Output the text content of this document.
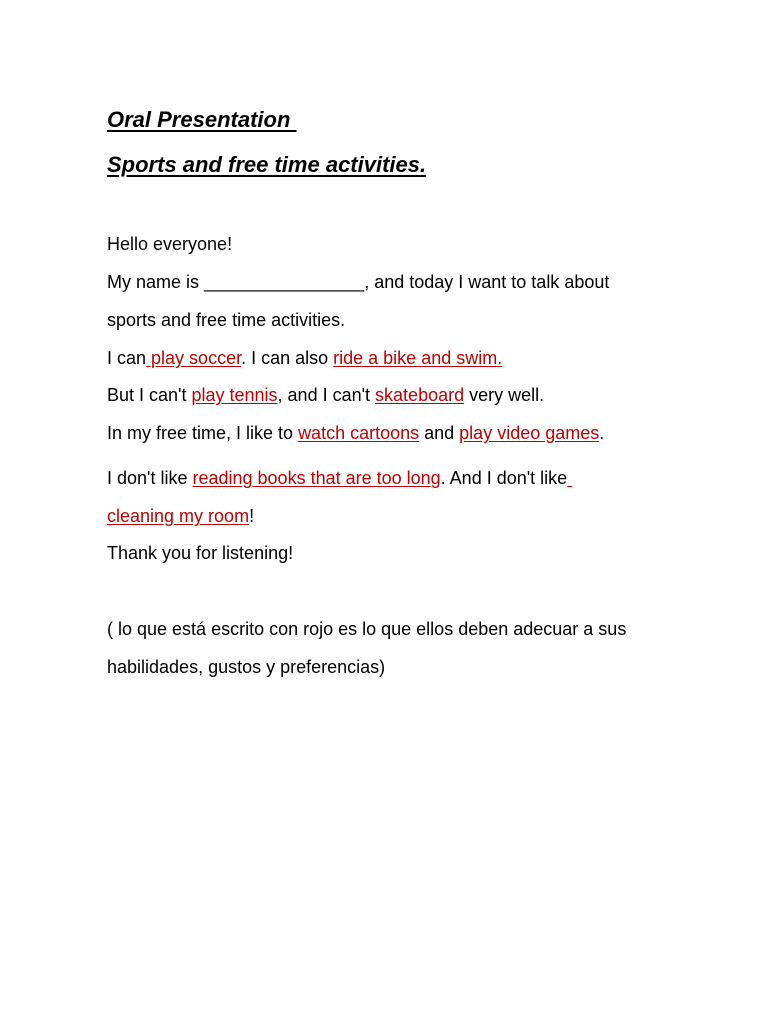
Oral Presentation
Sports and free time activities.

Hello everyone!

My name is ________________, and today I want to talk about

sports and free time activities.

I can play soccer. I can also ride a bike and swim.

But I can't play tennis, and I can't skateboard very well.

In my free time, I like to watch cartoons and play video games.

I don't like reading books that are too long. And I don't like

cleaning my room!

Thank you for listening!

( lo que está escrito con rojo es lo que ellos deben adecuar a sus

habilidades, gustos y preferencias)
